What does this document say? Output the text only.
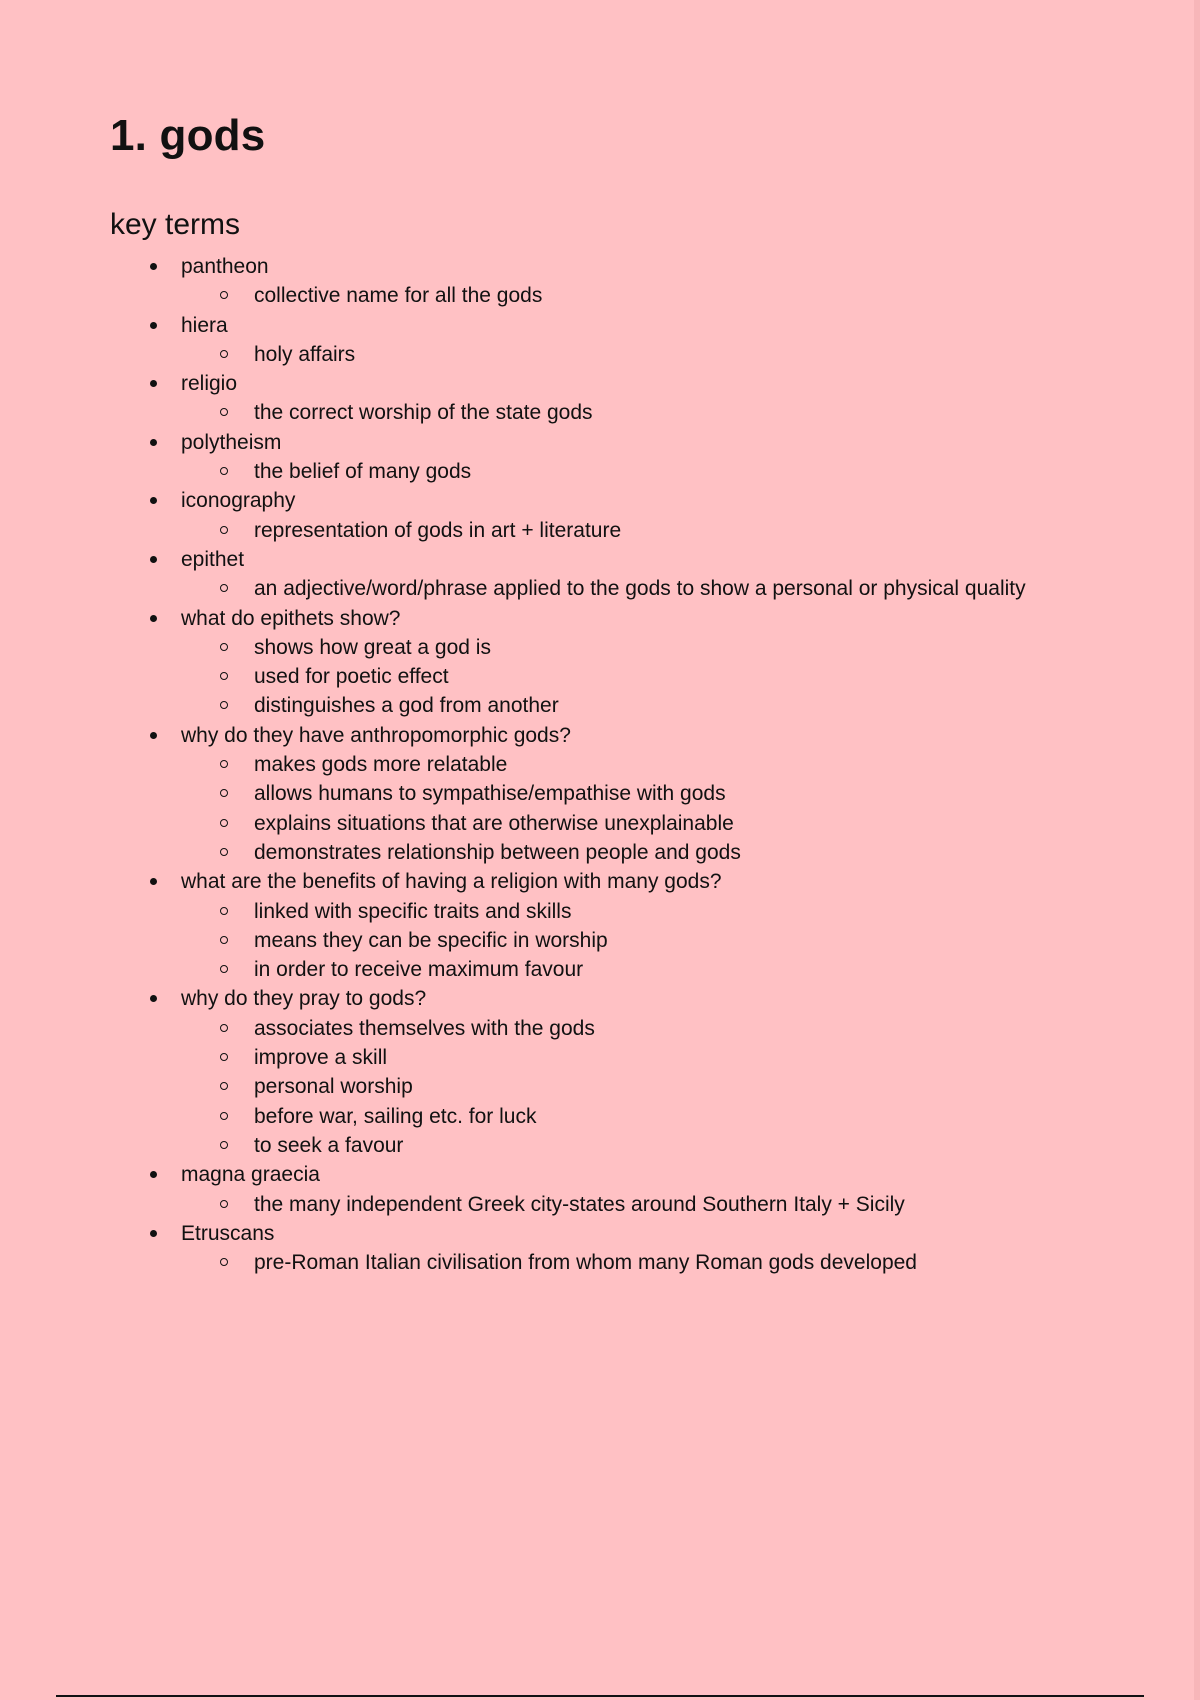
1. gods
key terms
pantheon
collective name for all the gods
hiera
holy affairs
religio
the correct worship of the state gods
polytheism
the belief of many gods
iconography
representation of gods in art + literature
epithet
an adjective/word/phrase applied to the gods to show a personal or physical quality
what do epithets show?
shows how great a god is
used for poetic effect
distinguishes a god from another
why do they have anthropomorphic gods?
makes gods more relatable
allows humans to sympathise/empathise with gods
explains situations that are otherwise unexplainable
demonstrates relationship between people and gods
what are the benefits of having a religion with many gods?
linked with specific traits and skills
means they can be specific in worship
in order to receive maximum favour
why do they pray to gods?
associates themselves with the gods
improve a skill
personal worship
before war, sailing etc. for luck
to seek a favour
magna graecia
the many independent Greek city-states around Southern Italy + Sicily
Etruscans
pre-Roman Italian civilisation from whom many Roman gods developed
